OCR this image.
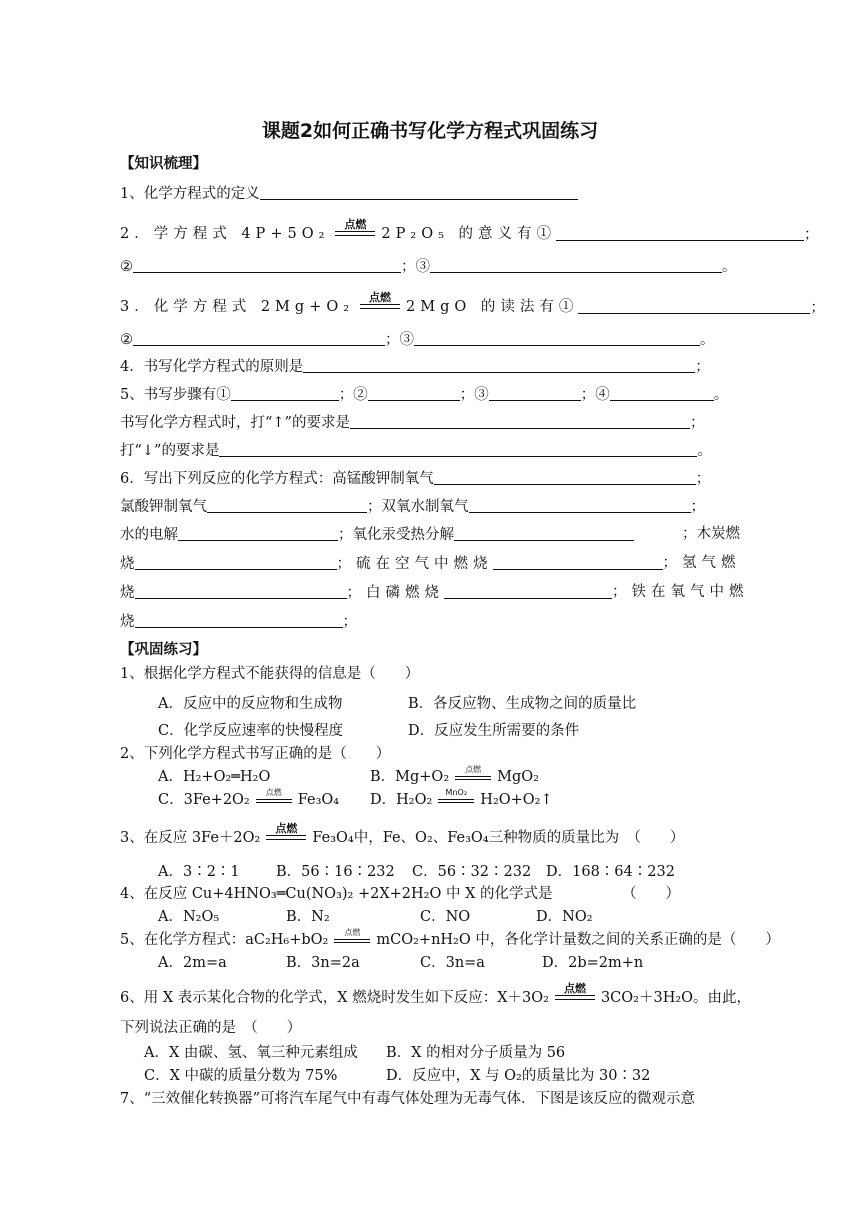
课题2如何正确书写化学方程式巩固练习
【知识梳理】
1、化学方程式的定义
2．学方程式 4P+5O₂
点燃
2P₂O₅ 的意义有①	；
②	；③	。
3．化学方程式 2Mg+O₂
点燃
2MgO 的读法有①	；
②	；③	。
4．书写化学方程式的原则是	；
5、书写步骤有①	；②	；③	；④	。
书写化学方程式时，打“↑”的要求是	；
打“↓”的要求是	。
6．写出下列反应的化学方程式：高锰酸钾制氧气	；
氯酸钾制氧气	；双氧水制氧气	；
水的电解	；氧化汞受热分解	；木炭燃
烧	；硫在空气中燃烧	；氢气燃
烧	；白磷燃烧	；铁在氧气中燃
烧	；
【巩固练习】
1、根据化学方程式不能获得的信息是（　　）
A．反应中的反应物和生成物	B．各反应物、生成物之间的质量比
C．化学反应速率的快慢程度	D．反应发生所需要的条件
2、下列化学方程式书写正确的是（　　）
A．H₂+O₂═H₂O	B．Mg+O₂	点燃	MgO₂
C．3Fe+2O₂	点燃	Fe₃O₄ D．H₂O₂	MnO₂ H₂O+O₂↑
3、在反应 3Fe＋2O₂
点燃
Fe₃O₄中，Fe、O₂、Fe₃O₄三种物质的质量比为　（　　）
A．3∶2∶1	B．56∶16∶232 C．56∶32∶232 D．168∶64∶232
4、在反应 Cu+4HNO₃═Cu(NO₃)₂ +2X+2H₂O 中 X 的化学式是	（　　）
A．N₂O₅	B．N₂	C．NO	D．NO₂
5、在化学方程式：aC₂H₆+bO₂	点燃	mCO₂+nH₂O 中，各化学计量数之间的关系正确的是（　　）
A．2m=a	B．3n=2a	C．3n=a	D．2b=2m+n
6、用 X 表示某化合物的化学式，X 燃烧时发生如下反应：X＋3O₂
点燃
3CO₂＋3H₂O。由此，
下列说法正确的是　（　　）
A．X 由碳、氢、氧三种元素组成 B．X 的相对分子质量为 56
C．X 中碳的质量分数为 75%	D．反应中，X 与 O₂的质量比为 30∶32
7、“三效催化转换器”可将汽车尾气中有毒气体处理为无毒气体．下图是该反应的微观示意
